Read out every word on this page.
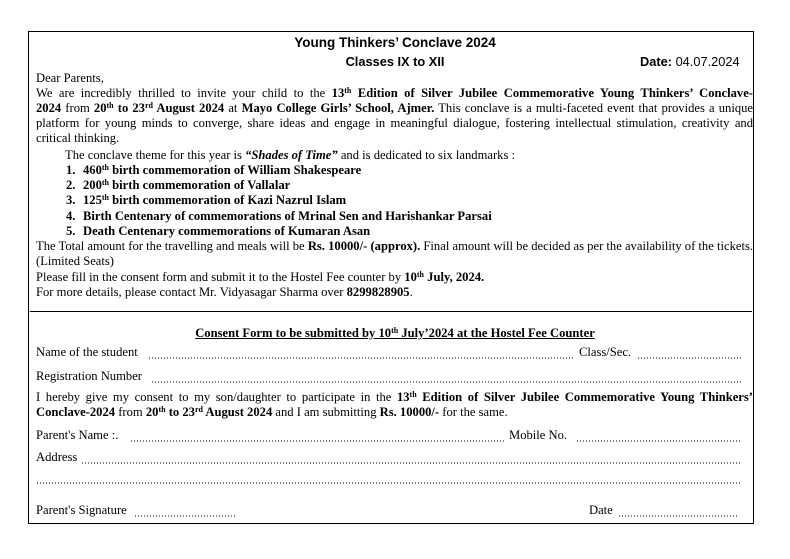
Young Thinkers’ Conclave 2024
Classes IX to XII	Date: 04.07.2024
Dear Parents,
We are incredibly thrilled to invite your child to the 13th Edition of Silver Jubilee Commemorative Young Thinkers’ Conclave-
2024 from 20th to 23rd August 2024 at Mayo College Girls’ School, Ajmer. This conclave is a multi-faceted event that provides a unique platform for young minds to converge, share ideas and engage in meaningful dialogue, fostering intellectual stimulation, creativity and critical thinking.
The conclave theme for this year is “Shades of Time” and is dedicated to six landmarks :
1. 460th birth commemoration of William Shakespeare
2. 200th birth commemoration of Vallalar
3. 125th birth commemoration of Kazi Nazrul Islam
4. Birth Centenary of commemorations of Mrinal Sen and Harishankar Parsai
5. Death Centenary commemorations of Kumaran Asan
The Total amount for the travelling and meals will be Rs. 10000/- (approx). Final amount will be decided as per the availability of the tickets. (Limited Seats)
Please fill in the consent form and submit it to the Hostel Fee counter by 10th July, 2024.
For more details, please contact Mr. Vidyasagar Sharma over 8299828905.
Consent Form to be submitted by 10th July’2024 at the Hostel Fee Counter
Name of the student	Class/Sec.
Registration Number
I hereby give my consent to my son/daughter to participate in the 13th Edition of Silver Jubilee Commemorative Young Thinkers’
Conclave-2024 from 20th to 23rd August 2024 and I am submitting Rs. 10000/- for the same.
Parent's Name :.	Mobile No.
Address
Parent's Signature	Date
